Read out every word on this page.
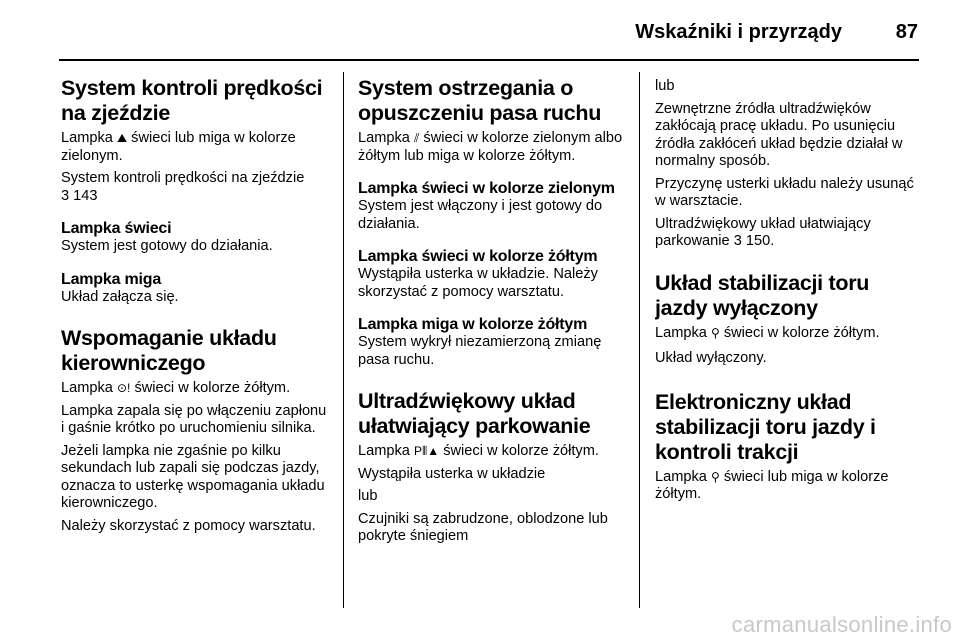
Wskaźniki i przyrządy	87
System kontroli prędkości na zjeździe

Lampka ⛰ świeci lub miga w kolorze zielonym.

System kontroli prędkości na zjeździe
3 143

Lampka świeci

System jest gotowy do działania.

Lampka miga

Układ załącza się.

Wspomaganie układu kierowniczego

Lampka ⊙! świeci w kolorze żółtym.

Lampka zapala się po włączeniu zapłonu i gaśnie krótko po uruchomieniu silnika.

Jeżeli lampka nie zgaśnie po kilku sekundach lub zapali się podczas jazdy, oznacza to usterkę wspomagania układu kierowniczego.

Należy skorzystać z pomocy warsztatu.

System ostrzegania o opuszczeniu pasa ruchu

Lampka ⫽ świeci w kolorze zielonym albo żółtym lub miga w kolorze żółtym.

Lampka świeci w kolorze zielonym

System jest włączony i jest gotowy do działania.

Lampka świeci w kolorze żółtym

Wystąpiła usterka w układzie. Należy skorzystać z pomocy warsztatu.

Lampka miga w kolorze żółtym

System wykrył niezamierzoną zmianę pasa ruchu.

Ultradźwiękowy układ ułatwiający parkowanie

Lampka P⦀▲ świeci w kolorze żółtym.

Wystąpiła usterka w układzie

lub

Czujniki są zabrudzone, oblodzone lub pokryte śniegiem

lub

Zewnętrzne źródła ultradźwięków zakłócają pracę układu. Po usunięciu źródła zakłóceń układ będzie działał w normalny sposób.

Przyczynę usterki układu należy usunąć w warsztacie.

Ultradźwiękowy układ ułatwiający parkowanie 3 150.

Układ stabilizacji toru jazdy wyłączony

Lampka ⚲ świeci w kolorze żółtym.

Układ wyłączony.

Elektroniczny układ stabilizacji toru jazdy i kontroli trakcji

Lampka ⚲ świeci lub miga w kolorze żółtym.

carmanualsonline.info
